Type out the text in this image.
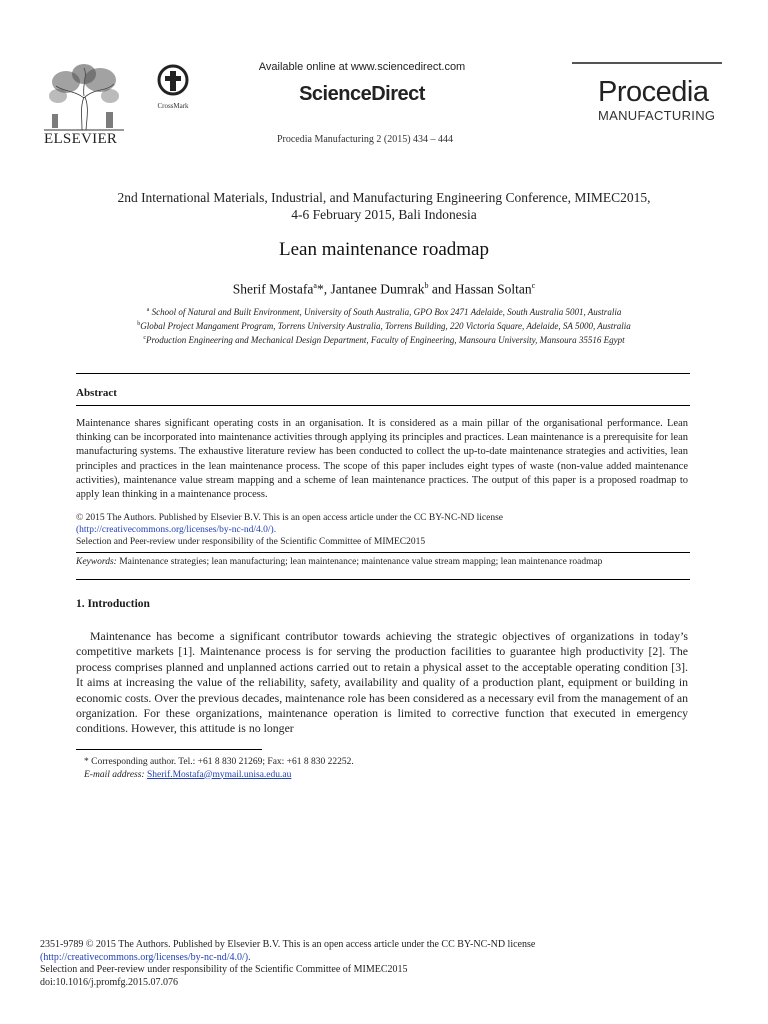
ELSEVIER
CrossMark
Available online at www.sciencedirect.com
ScienceDirect
Procedia Manufacturing 2 (2015) 434 – 444
Procedia
MANUFACTURING
2nd International Materials, Industrial, and Manufacturing Engineering Conference, MIMEC2015,
4-6 February 2015, Bali Indonesia
Lean maintenance roadmap
Sherif Mostafa$^a$*, Jantanee Dumrak$^b$ and Hassan Soltan$^c$
$^a$ School of Natural and Built Environment, University of South Australia, GPO Box 2471 Adelaide, South Australia 5001, Australia
$^b$Global Project Mangament Program, Torrens University Australia, Torrens Building, 220 Victoria Square, Adelaide, SA 5000, Australia
$^c$Production Engineering and Mechanical Design Department, Faculty of Engineering, Mansoura University, Mansoura 35516 Egypt
Abstract
Maintenance shares significant operating costs in an organisation. It is considered as a main pillar of the organisational performance. Lean thinking can be incorporated into maintenance activities through applying its principles and practices. Lean maintenance is a prerequisite for lean manufacturing systems. The exhaustive literature review has been conducted to collect the up-to-date maintenance strategies and activities, lean principles and practices in the lean maintenance process. The scope of this paper includes eight types of waste (non-value added maintenance activities), maintenance value stream mapping and a scheme of lean maintenance practices. The output of this paper is a proposed roadmap to apply lean thinking in a maintenance process.
© 2015 The Authors. Published by Elsevier B.V. This is an open access article under the CC BY-NC-ND license
(http://creativecommons.org/licenses/by-nc-nd/4.0/).
Selection and Peer-review under responsibility of the Scientific Committee of MIMEC2015
Keywords: Maintenance strategies; lean manufacturing; lean maintenance; maintenance value stream mapping; lean maintenance roadmap
1. Introduction
Maintenance has become a significant contributor towards achieving the strategic objectives of organizations in today’s competitive markets [1]. Maintenance process is for serving the production facilities to guarantee high productivity [2]. The process comprises planned and unplanned actions carried out to retain a physical asset to the acceptable operating condition [3]. It aims at increasing the value of the reliability, safety, availability and quality of a production plant, equipment or building in economic costs. Over the previous decades, maintenance role has been considered as a necessary evil from the management of an organization. For these organizations, maintenance operation is limited to corrective function that executed in emergency conditions. However, this attitude is no longer
* Corresponding author. Tel.: +61 8 830 21269; Fax: +61 8 830 22252.
E-mail address: Sherif.Mostafa@mymail.unisa.edu.au
2351-9789 © 2015 The Authors. Published by Elsevier B.V. This is an open access article under the CC BY-NC-ND license
(http://creativecommons.org/licenses/by-nc-nd/4.0/).
Selection and Peer-review under responsibility of the Scientific Committee of MIMEC2015
doi:10.1016/j.promfg.2015.07.076
